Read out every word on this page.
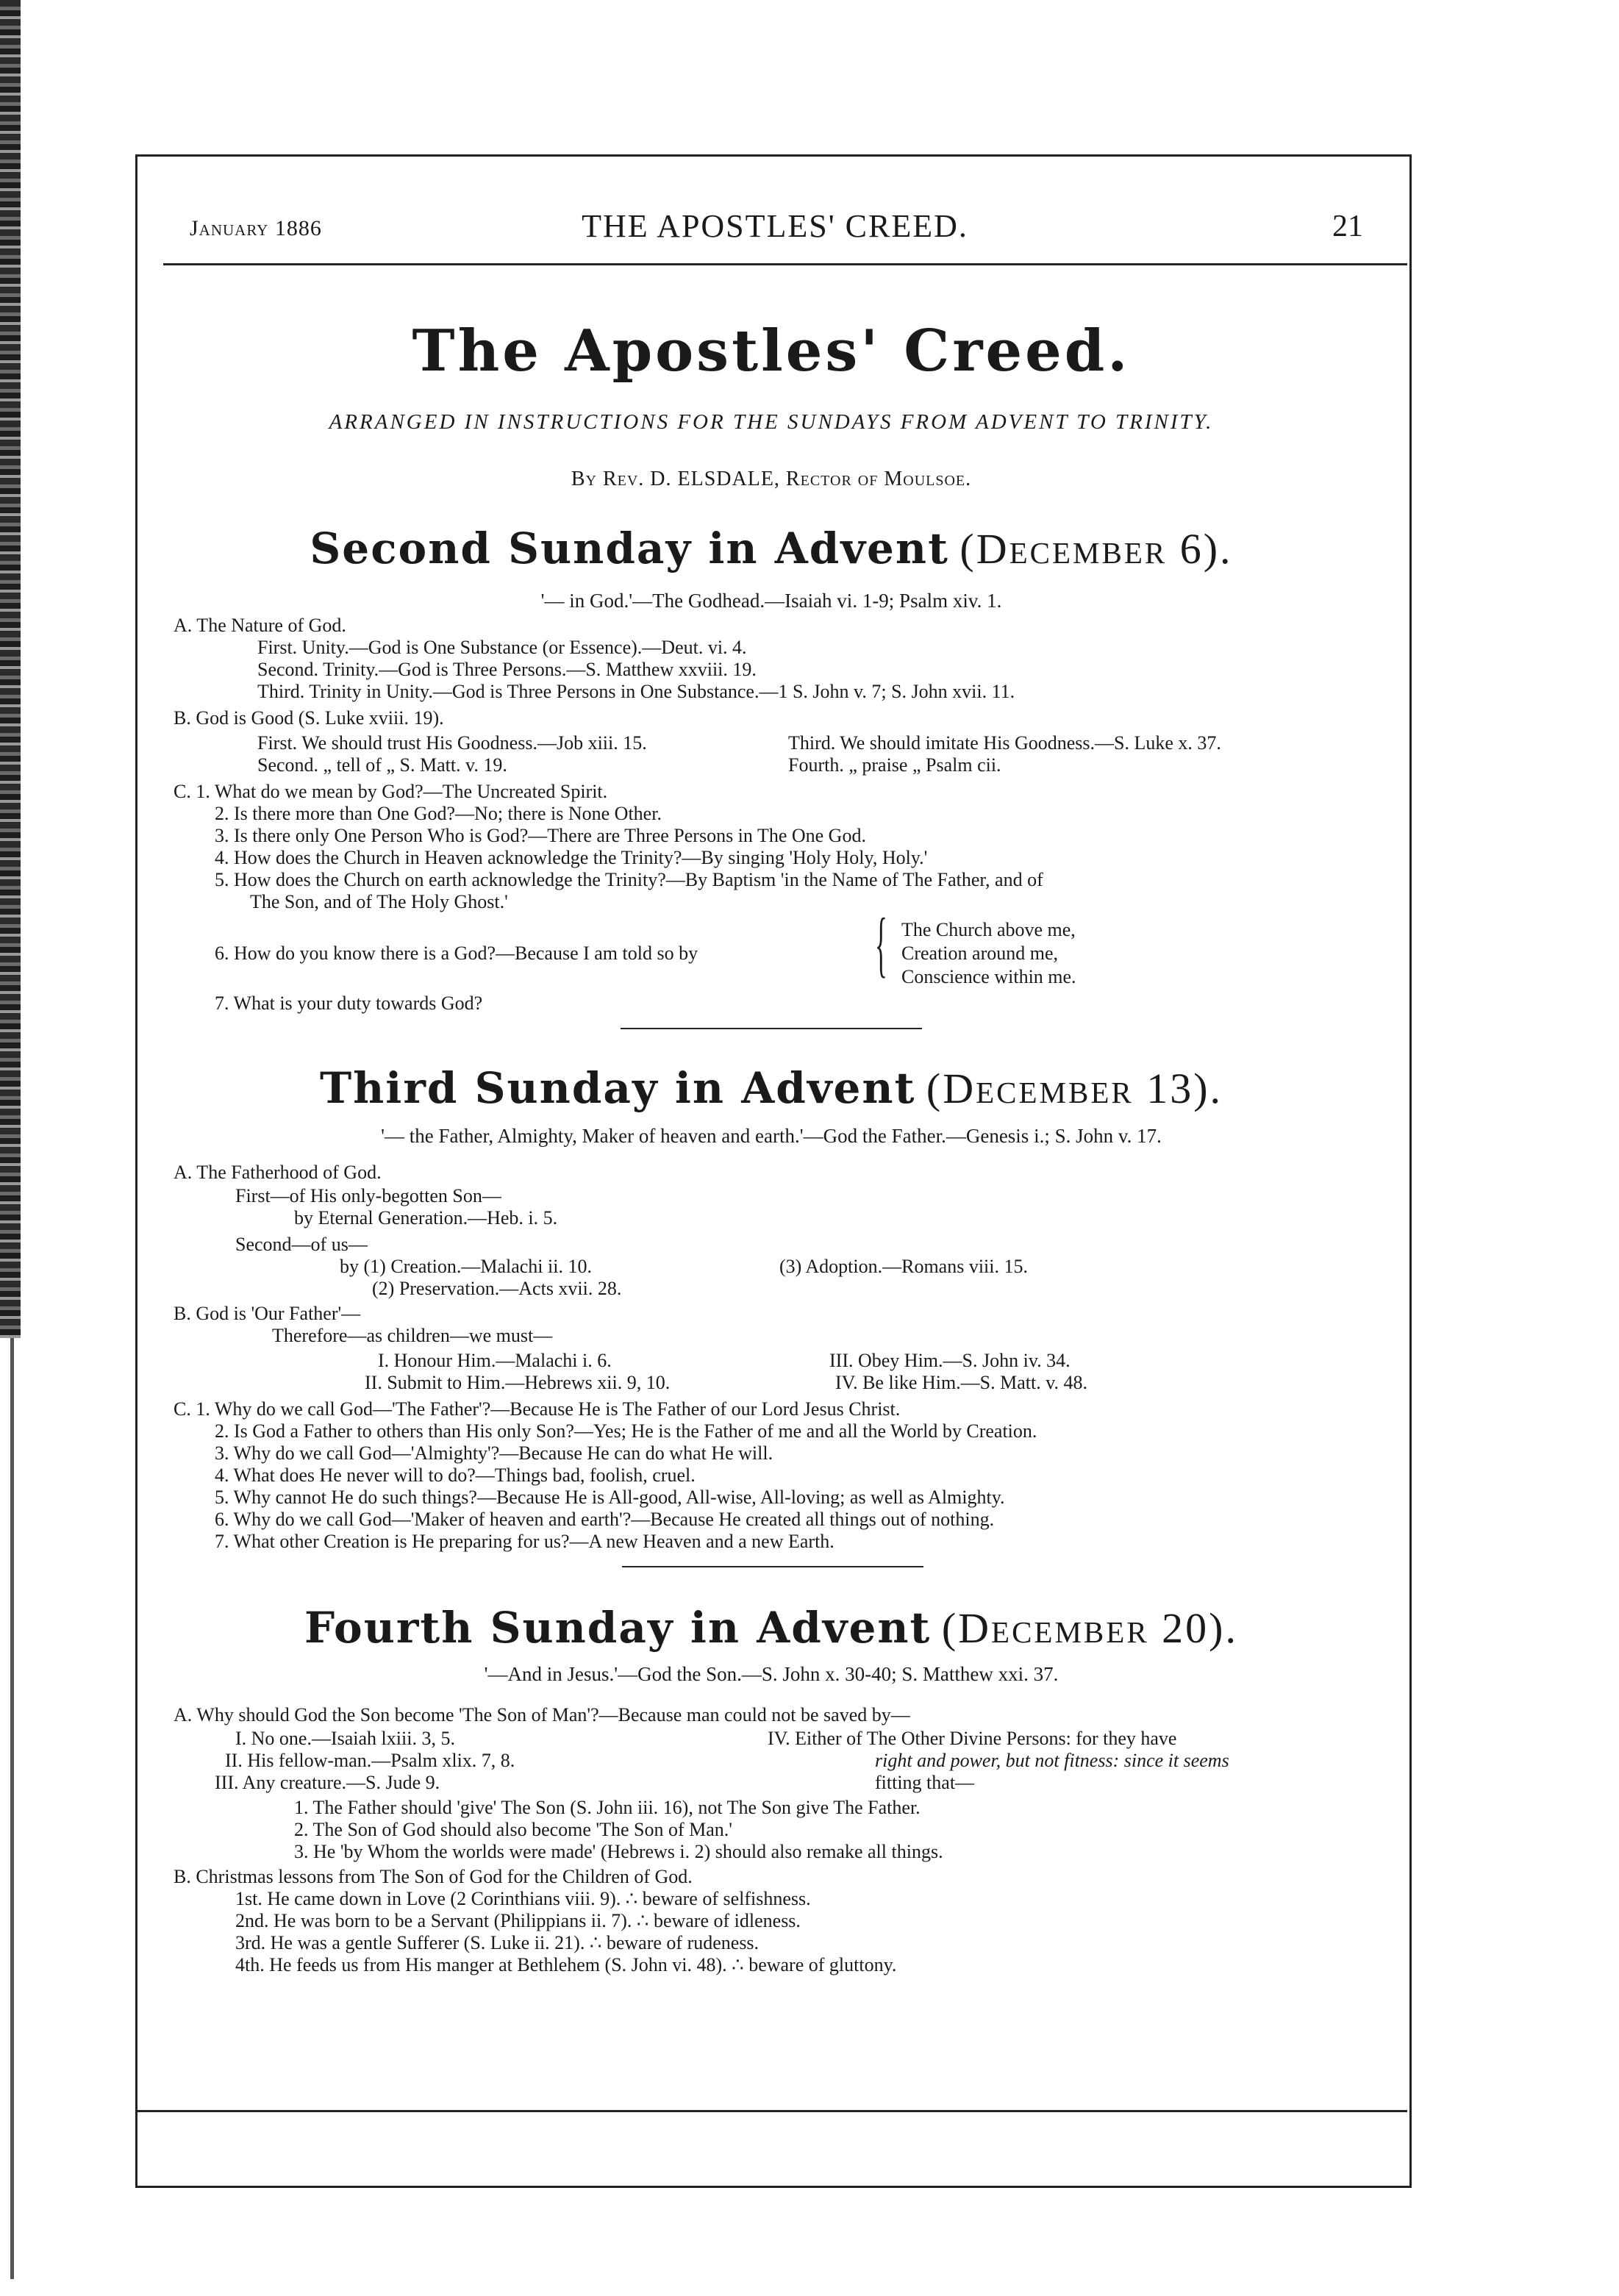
January 1886	THE APOSTLES' CREED.	21
The Apostles' Creed.
ARRANGED IN INSTRUCTIONS FOR THE SUNDAYS FROM ADVENT TO TRINITY.
By Rev. D. ELSDALE, Rector of Moulsoe.
Second Sunday in Advent (December 6).
'— in God.'—The Godhead.—Isaiah vi. 1-9; Psalm xiv. 1.
A. The Nature of God.
First. Unity.—God is One Substance (or Essence).—Deut. vi. 4.
Second. Trinity.—God is Three Persons.—S. Matthew xxviii. 19.
Third. Trinity in Unity.—God is Three Persons in One Substance.—1 S. John v. 7; S. John xvii. 11.
B. God is Good (S. Luke xviii. 19).
First. We should trust His Goodness.—Job xiii. 15.	Third. We should imitate His Goodness.—S. Luke x. 37.
Second. „ tell of „ S. Matt. v. 19.	Fourth. „ praise „ Psalm cii.
C. 1. What do we mean by God?—The Uncreated Spirit.
2. Is there more than One God?—No; there is None Other.
3. Is there only One Person Who is God?—There are Three Persons in The One God.
4. How does the Church in Heaven acknowledge the Trinity?—By singing 'Holy Holy, Holy.'
5. How does the Church on earth acknowledge the Trinity?—By Baptism 'in the Name of The Father, and of
The Son, and of The Holy Ghost.'
The Church above me,
6. How do you know there is a God?—Because I am told so by { Creation around me,
Conscience within me.
7. What is your duty towards God?
Third Sunday in Advent (December 13).
'— the Father, Almighty, Maker of heaven and earth.'—God the Father.—Genesis i.; S. John v. 17.
A. The Fatherhood of God.
First—of His only-begotten Son—
by Eternal Generation.—Heb. i. 5.
Second—of us—
by (1) Creation.—Malachi ii. 10.	(3) Adoption.—Romans viii. 15.
(2) Preservation.—Acts xvii. 28.
B. God is 'Our Father'—
Therefore—as children—we must—
I. Honour Him.—Malachi i. 6.	III. Obey Him.—S. John iv. 34.
II. Submit to Him.—Hebrews xii. 9, 10.	IV. Be like Him.—S. Matt. v. 48.
C. 1. Why do we call God—'The Father'?—Because He is The Father of our Lord Jesus Christ.
2. Is God a Father to others than His only Son?—Yes; He is the Father of me and all the World by Creation.
3. Why do we call God—'Almighty'?—Because He can do what He will.
4. What does He never will to do?—Things bad, foolish, cruel.
5. Why cannot He do such things?—Because He is All-good, All-wise, All-loving; as well as Almighty.
6. Why do we call God—'Maker of heaven and earth'?—Because He created all things out of nothing.
7. What other Creation is He preparing for us?—A new Heaven and a new Earth.
Fourth Sunday in Advent (December 20).
'—And in Jesus.'—God the Son.—S. John x. 30-40; S. Matthew xxi. 37.
A. Why should God the Son become 'The Son of Man'?—Because man could not be saved by—
I. No one.—Isaiah lxiii. 3, 5.	IV. Either of The Other Divine Persons: for they have
II. His fellow-man.—Psalm xlix. 7, 8.	right and power, but not fitness: since it seems
III. Any creature.—S. Jude 9.	fitting that—
1. The Father should 'give' The Son (S. John iii. 16), not The Son give The Father.
2. The Son of God should also become 'The Son of Man.'
3. He 'by Whom the worlds were made' (Hebrews i. 2) should also remake all things.
B. Christmas lessons from The Son of God for the Children of God.
1st. He came down in Love (2 Corinthians viii. 9). ∴ beware of selfishness.
2nd. He was born to be a Servant (Philippians ii. 7). ∴ beware of idleness.
3rd. He was a gentle Sufferer (S. Luke ii. 21). ∴ beware of rudeness.
4th. He feeds us from His manger at Bethlehem (S. John vi. 48). ∴ beware of gluttony.
